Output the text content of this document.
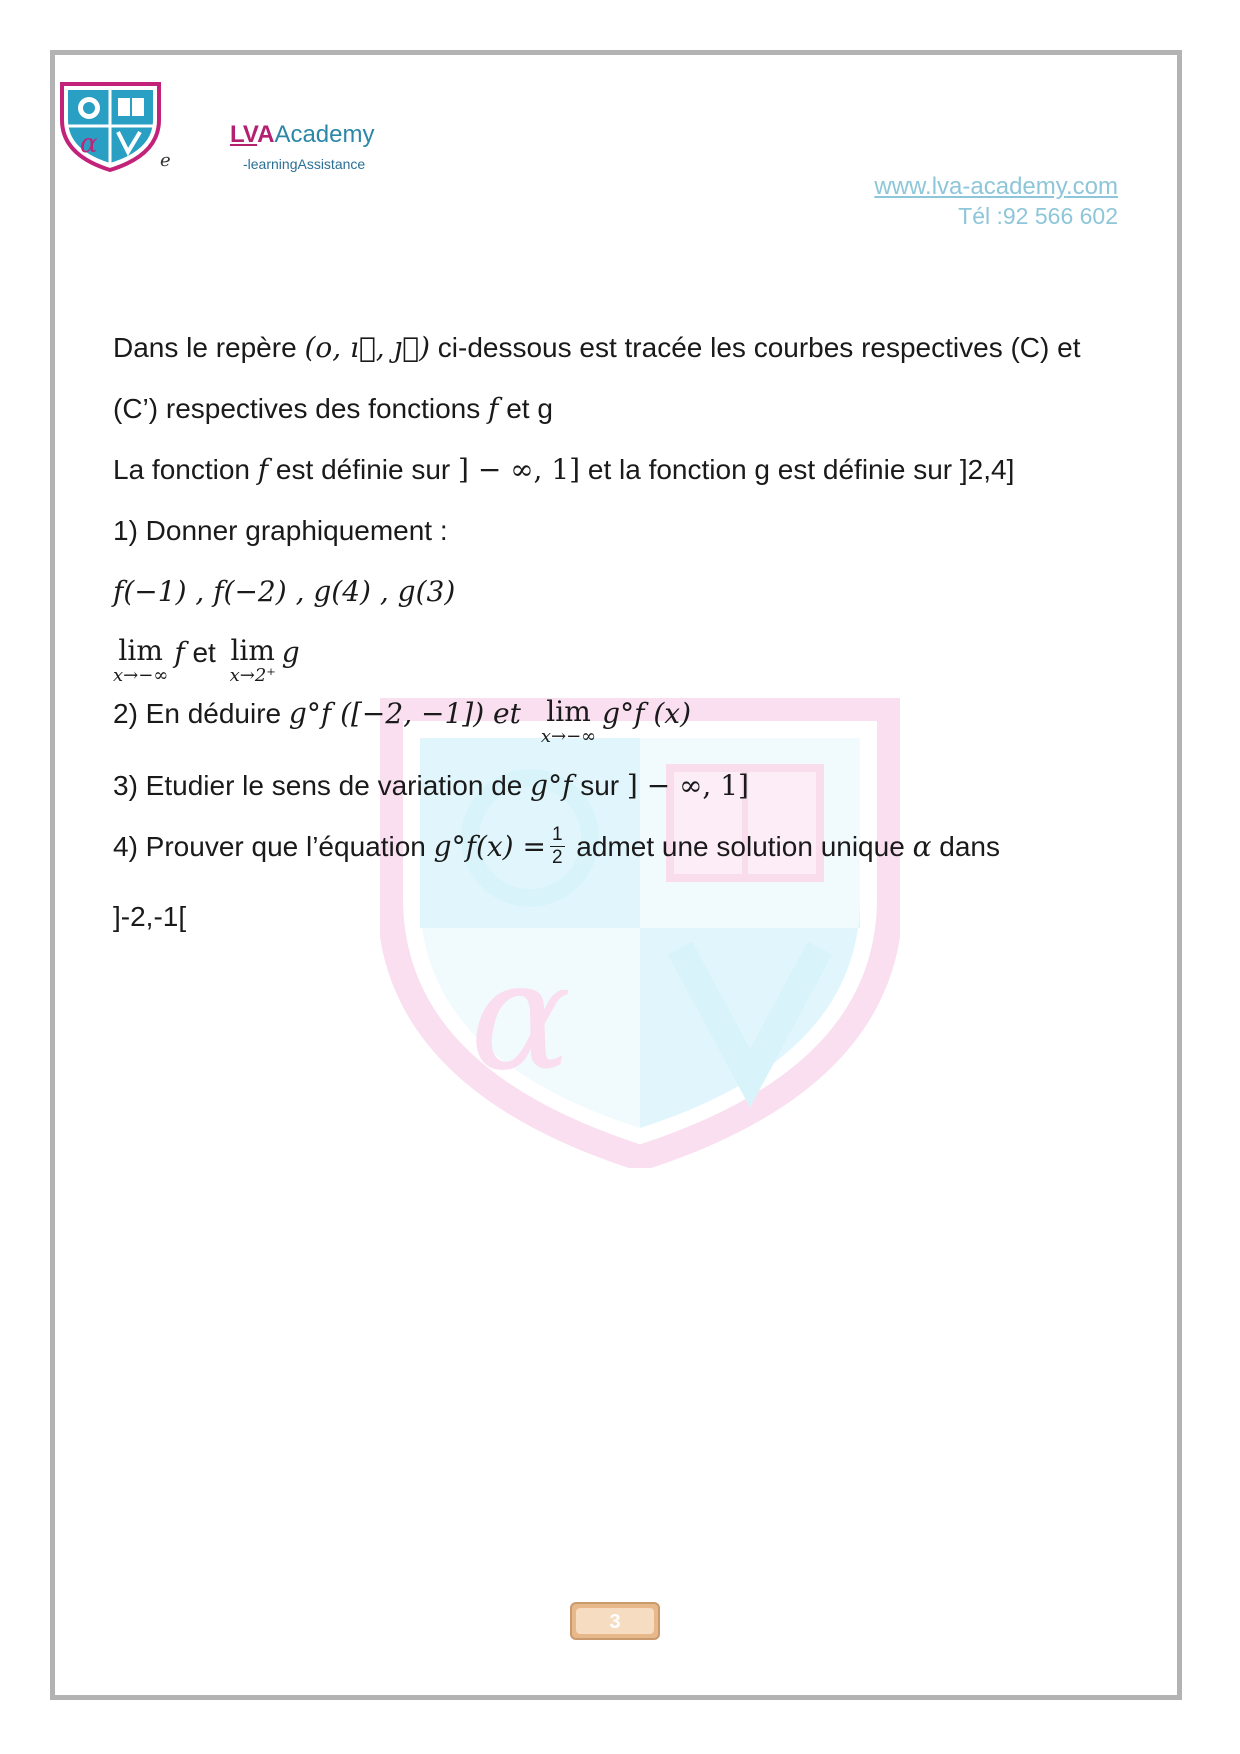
α	LVAAcademy
-learningAssistance
e
www.lva-academy.com
Tél :92 566 602
α
Dans le repère (o, ı⃗, ȷ⃗) ci-dessous est tracée les courbes respectives (C) et
(C’) respectives des fonctions f et g
La fonction f est définie sur ] − ∞, 1] et la fonction g est définie sur ]2,4]
1) Donner graphiquement :
f(−1) , f(−2) , g(4) , g(3)
lim
x→−∞
f et lim
x→2⁺
g
2) En déduire g°f ([−2, −1]) et lim
x→−∞
g°f (x)
3) Etudier le sens de variation de g°f sur ] − ∞, 1]
4) Prouver que l’équation $g^\circ f(x) = \frac{1}{2}$ admet une solution unique α dans
]-2,-1[
3
